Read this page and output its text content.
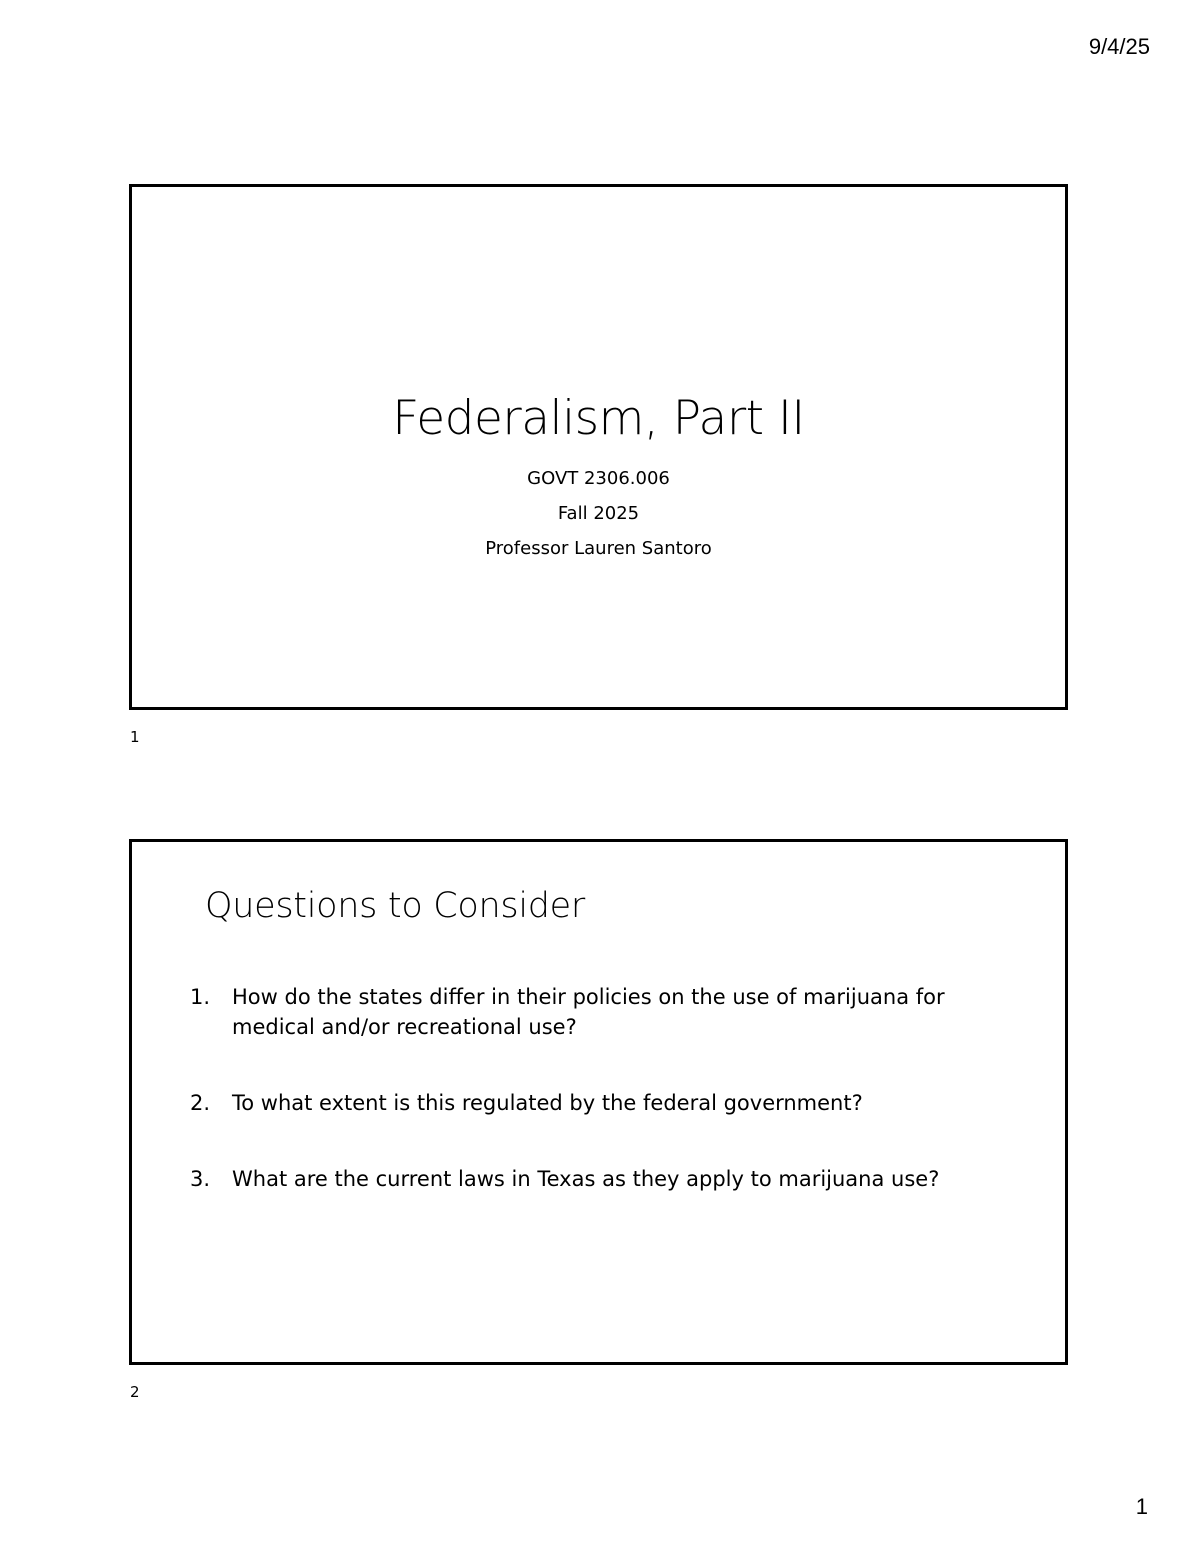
9/4/25
Federalism, Part II
GOVT 2306.006
Fall 2025
Professor Lauren Santoro
1
Questions to Consider
1.	How do the states differ in their policies on the use of marijuana for medical and/or recreational use?
2.	To what extent is this regulated by the federal government?
3.	What are the current laws in Texas as they apply to marijuana use?
2
1
